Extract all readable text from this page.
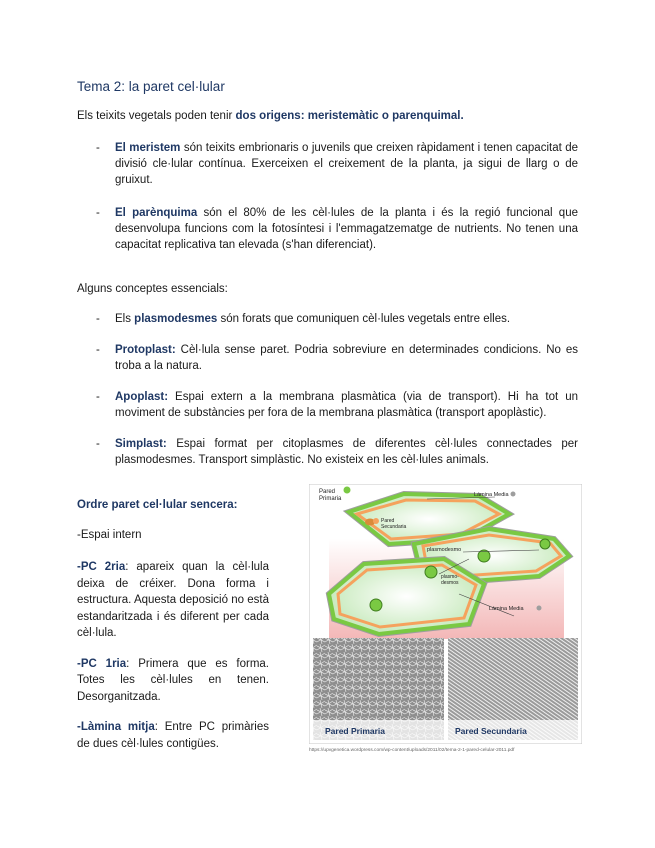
Tema 2: la paret cel·lular
Els teixits vegetals poden tenir dos origens: meristemàtic o parenquimal.
- El meristem són teixits embrionaris o juvenils que creixen ràpidament i tenen capacitat de divisió cle·lular contínua. Exerceixen el creixement de la planta, ja sigui de llarg o de gruixut.
- El parènquima són el 80% de les cèl·lules de la planta i és la regió funcional que desenvolupa funcions com la fotosíntesi i l'emmagatzematge de nutrients. No tenen una capacitat replicativa tan elevada (s'han diferenciat).
Alguns conceptes essencials:
- Els plasmodesmes són forats que comuniquen cèl·lules vegetals entre elles.
- Protoplast: Cèl·lula sense paret. Podria sobreviure en determinades condicions. No es troba a la natura.
- Apoplast: Espai extern a la membrana plasmàtica (via de transport). Hi ha tot un moviment de substàncies per fora de la membrana plasmàtica (transport apoplàstic).
- Simplast: Espai format per citoplasmes de diferentes cèl·lules connectades per plasmodesmes. Transport simplàstic. No existeix en les cèl·lules animals.
Ordre paret cel·lular sencera:
-Espai intern
-PC 2ria: apareix quan la cèl·lula deixa de créixer. Dona forma i estructura. Aquesta deposició no està estandaritzada i és diferent per cada cèl·lula.
-PC 1ria: Primera que es forma. Totes les cèl·lules en tenen. Desorganitzada.
-Làmina mitja: Entre PC primàries de dues cèl·lules contigües.
Pared Primaria
Lámina Media
Pared Secundaria
plasmodesmo
plasmo-desmos
Lámina Media
Pared Primaria	Pared Secundaria
https://upvgenetica.wordpress.com/wp-content/uploads/2011/02/tema-2-1-pared-celular-2011.pdf
